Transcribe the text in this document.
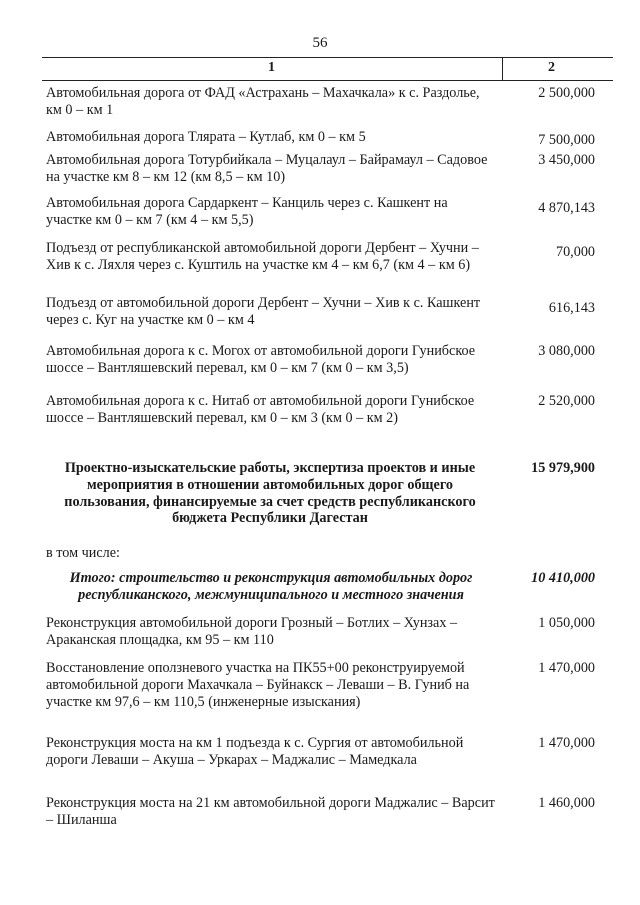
56
1	2
Автомобильная дорога от ФАД «Астрахань – Махачкала» к с. Раздолье, км 0 – км 1
2 500,000
Автомобильная дорога Тлярата – Кутлаб, км 0 – км 5	7 500,000
Автомобильная дорога Тотурбийкала – Муцалаул – Байрамаул – Садовое на участке км 8 – км 12 (км 8,5 – км 10)
3 450,000
Автомобильная дорога Сардаркент – Канциль через с. Кашкент на участке км 0 – км 7 (км 4 – км 5,5)
4 870,143
Подъезд от республиканской автомобильной дороги Дербент – Хучни – Хив к с. Ляхля через с. Куштиль на участке км 4 – км 6,7 (км 4 – км 6)
70,000
Подъезд от автомобильной дороги Дербент – Хучни – Хив к с. Кашкент через с. Куг на участке км 0 – км 4
616,143
Автомобильная дорога к с. Могох от автомобильной дороги Гунибское шоссе – Вантляшевский перевал, км 0 – км 7 (км 0 – км 3,5)
3 080,000
Автомобильная дорога к с. Нитаб от автомобильной дороги Гунибское шоссе – Вантляшевский перевал, км 0 – км 3 (км 0 – км 2)
2 520,000
Проектно-изыскательские работы, экспертиза проектов и иные мероприятия в отношении автомобильных дорог общего пользования, финансируемые за счет средств республиканского бюджета Республики Дагестан
15 979,900
в том числе:
Итого: строительство и реконструкция автомобильных дорог республиканского, межмуниципального и местного значения
10 410,000
Реконструкция автомобильной дороги Грозный – Ботлих – Хунзах – Араканская площадка, км 95 – км 110
1 050,000
Восстановление оползневого участка на ПК55+00 реконструируемой автомобильной дороги Махачкала – Буйнакск – Леваши – В. Гуниб на участке км 97,6 – км 110,5 (инженерные изыскания)
1 470,000
Реконструкция моста на км 1 подъезда к с. Сургия от автомобильной дороги Леваши – Акуша – Уркарах – Маджалис – Мамедкала
1 470,000
Реконструкция моста на 21 км автомобильной дороги Маджалис – Варсит – Шиланша
1 460,000
